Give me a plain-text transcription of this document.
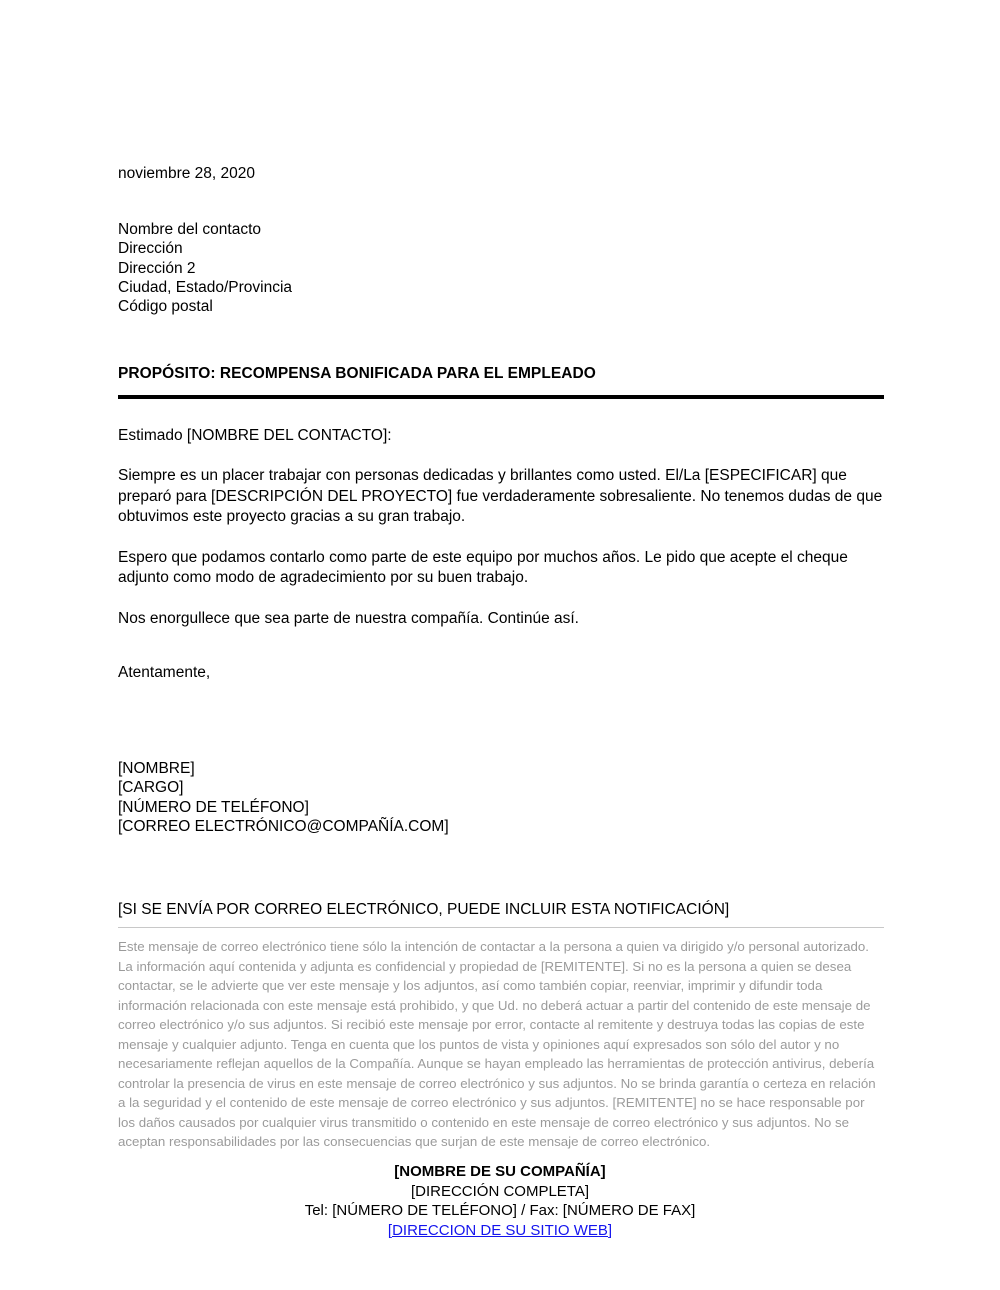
noviembre 28, 2020
Nombre del contacto
Dirección
Dirección 2
Ciudad, Estado/Provincia
Código postal
PROPÓSITO: RECOMPENSA BONIFICADA PARA EL EMPLEADO
Estimado [NOMBRE DEL CONTACTO]:
Siempre es un placer trabajar con personas dedicadas y brillantes como usted. El/La [ESPECIFICAR] que preparó para [DESCRIPCIÓN DEL PROYECTO] fue verdaderamente sobresaliente. No tenemos dudas de que obtuvimos este proyecto gracias a su gran trabajo.
Espero que podamos contarlo como parte de este equipo por muchos años. Le pido que acepte el cheque adjunto como modo de agradecimiento por su buen trabajo.
Nos enorgullece que sea parte de nuestra compañía. Continúe así.
Atentamente,
[NOMBRE]
[CARGO]
[NÚMERO DE TELÉFONO]
[CORREO ELECTRÓNICO@COMPAÑÍA.COM]
[SI SE ENVÍA POR CORREO ELECTRÓNICO, PUEDE INCLUIR ESTA NOTIFICACIÓN]
Este mensaje de correo electrónico tiene sólo la intención de contactar a la persona a quien va dirigido y/o personal autorizado. La información aquí contenida y adjunta es confidencial y propiedad de [REMITENTE]. Si no es la persona a quien se desea contactar, se le advierte que ver este mensaje y los adjuntos, así como también copiar, reenviar, imprimir y difundir toda información relacionada con este mensaje está prohibido, y que Ud. no deberá actuar a partir del contenido de este mensaje de correo electrónico y/o sus adjuntos. Si recibió este mensaje por error, contacte al remitente y destruya todas las copias de este mensaje y cualquier adjunto. Tenga en cuenta que los puntos de vista y opiniones aquí expresados son sólo del autor y no necesariamente reflejan aquellos de la Compañía. Aunque se hayan empleado las herramientas de protección antivirus, debería controlar la presencia de virus en este mensaje de correo electrónico y sus adjuntos. No se brinda garantía o certeza en relación a la seguridad y el contenido de este mensaje de correo electrónico y sus adjuntos. [REMITENTE] no se hace responsable por los daños causados por cualquier virus transmitido o contenido en este mensaje de correo electrónico y sus adjuntos. No se aceptan responsabilidades por las consecuencias que surjan de este mensaje de correo electrónico.
[NOMBRE DE SU COMPAÑÍA]
[DIRECCIÓN COMPLETA]
Tel: [NÚMERO DE TELÉFONO] / Fax: [NÚMERO DE FAX]
[DIRECCION DE SU SITIO WEB]
